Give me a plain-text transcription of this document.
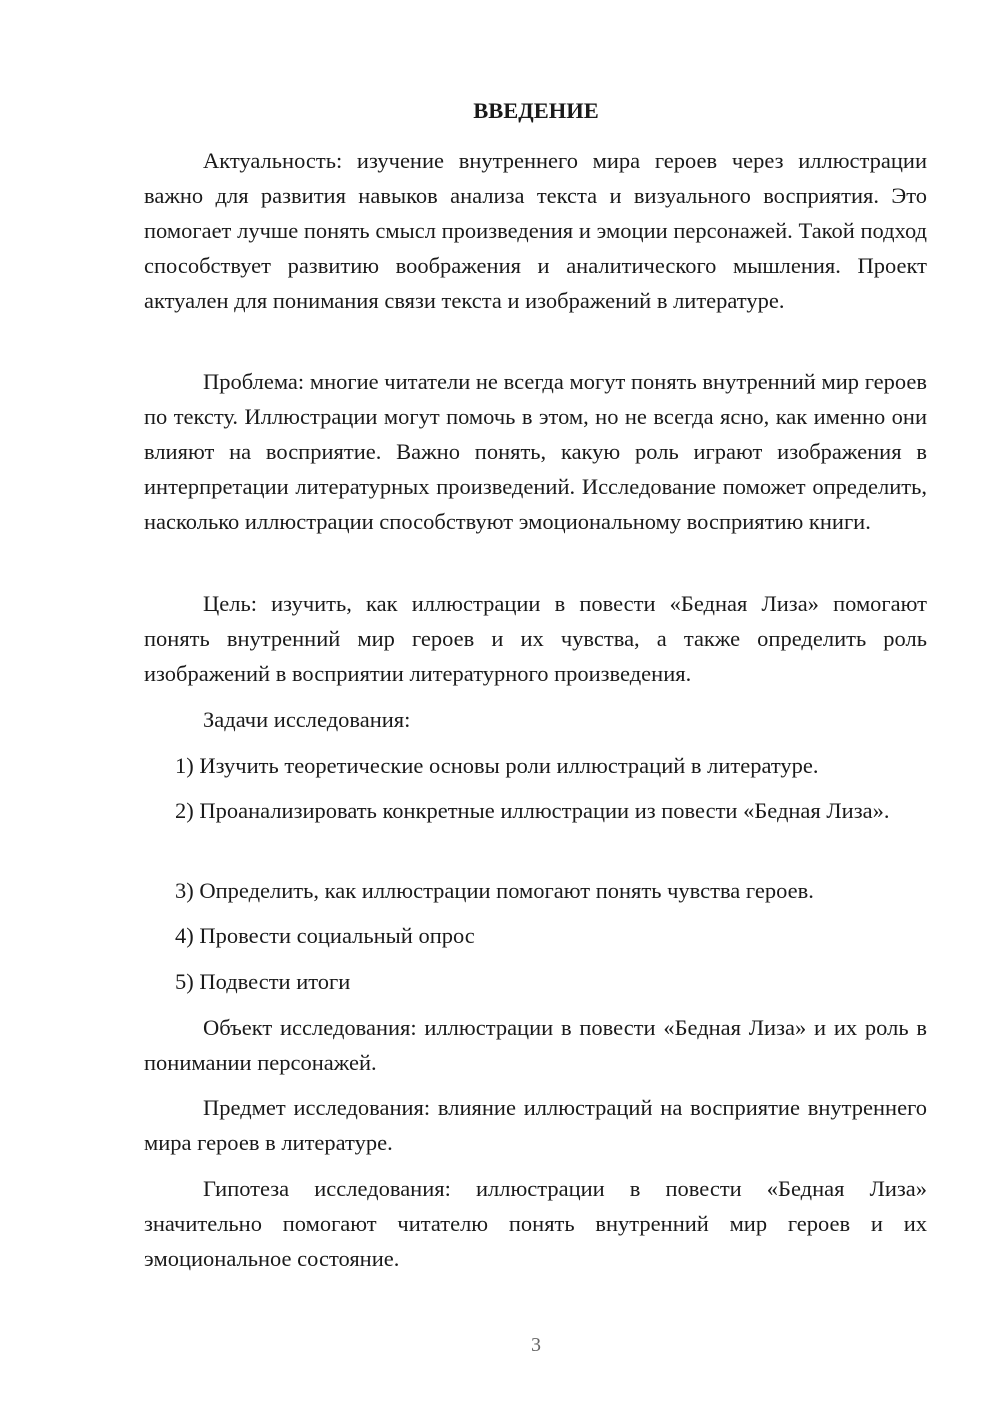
ВВЕДЕНИЕ

Актуальность: изучение внутреннего мира героев через иллюстрации важно для развития навыков анализа текста и визуального восприятия. Это помогает лучше понять смысл произведения и эмоции персонажей. Такой подход способствует развитию воображения и аналитического мышления. Проект актуален для понимания связи текста и изображений в литературе.

Проблема: многие читатели не всегда могут понять внутренний мир героев по тексту. Иллюстрации могут помочь в этом, но не всегда ясно, как именно они влияют на восприятие. Важно понять, какую роль играют изображения в интерпретации литературных произведений. Исследование поможет определить, насколько иллюстрации способствуют эмоциональному восприятию книги.

Цель: изучить, как иллюстрации в повести «Бедная Лиза» помогают понять внутренний мир героев и их чувства, а также определить роль изображений в восприятии литературного произведения.

Задачи исследования:

1) Изучить теоретические основы роли иллюстраций в литературе.

2) Проанализировать конкретные иллюстрации из повести «Бедная Лиза».

3) Определить, как иллюстрации помогают понять чувства героев.

4) Провести социальный опрос

5) Подвести итоги

Объект исследования: иллюстрации в повести «Бедная Лиза» и их роль в понимании персонажей.

Предмет исследования: влияние иллюстраций на восприятие внутреннего мира героев в литературе.

Гипотеза исследования: иллюстрации в повести «Бедная Лиза» значительно помогают читателю понять внутренний мир героев и их эмоциональное состояние.

3
